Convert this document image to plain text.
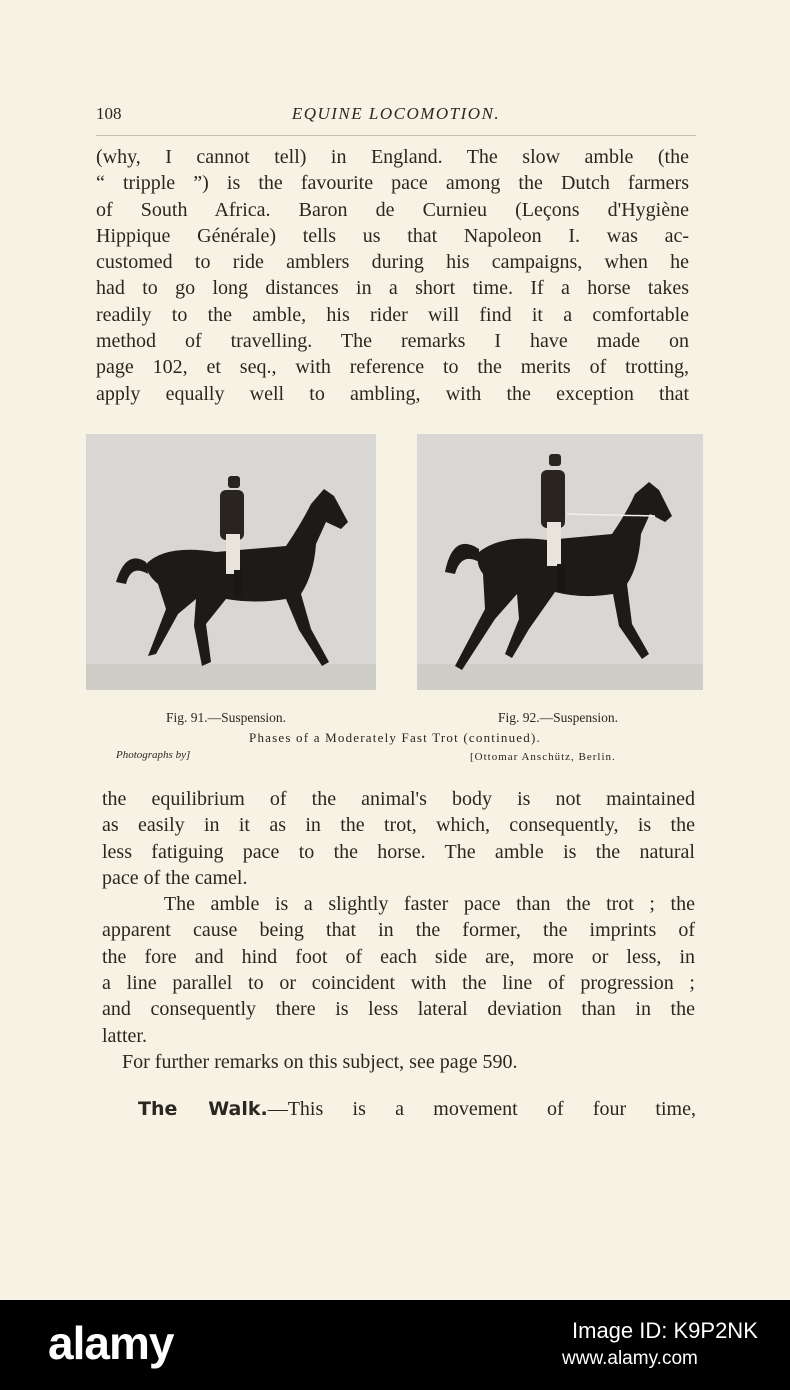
108	EQUINE LOCOMOTION.
(why, I cannot tell) in England. The slow amble (the
“ tripple ”) is the favourite pace among the Dutch farmers
of South Africa. Baron de Curnieu (Leçons d'Hygiène
Hippique Générale) tells us that Napoleon I. was ac-
customed to ride amblers during his campaigns, when he
had to go long distances in a short time. If a horse takes
readily to the amble, his rider will find it a comfortable
method of travelling. The remarks I have made on
page 102, et seq., with reference to the merits of trotting,
apply equally well to ambling, with the exception that
Fig. 91.—Suspension.	Fig. 92.—Suspension.
Phases of a Moderately Fast Trot (continued).
Photographs by]	[Ottomar Anschütz, Berlin.
the equilibrium of the animal's body is not maintained
as easily in it as in the trot, which, consequently, is the
less fatiguing pace to the horse. The amble is the natural
pace of the camel.
The amble is a slightly faster pace than the trot ; the
apparent cause being that in the former, the imprints of
the fore and hind foot of each side are, more or less, in
a line parallel to or coincident with the line of progression ;
and consequently there is less lateral deviation than in the
latter.
For further remarks on this subject, see page 590.
The Walk.—This is a movement of four time,
alamy	Image ID: K9P2NK
www.alamy.com
